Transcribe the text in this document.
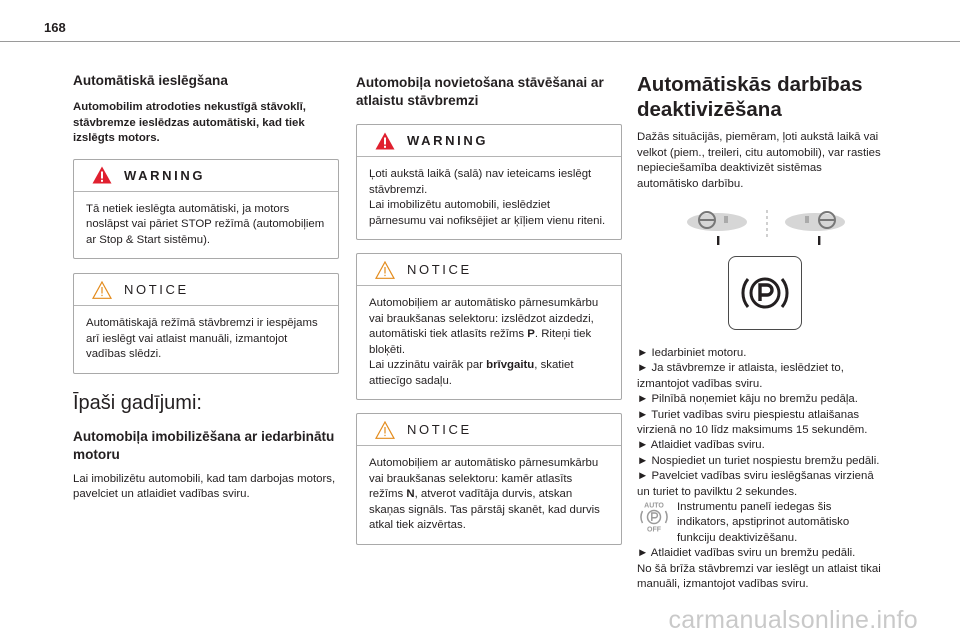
168
Automātiskā ieslēgšana

Automobilim atrodoties nekustīgā stāvoklī, stāvbremze ieslēdzas automātiski, kad tiek izslēgts motors.

WARNING

Tā netiek ieslēgta automātiski, ja motors noslāpst vai pāriet STOP režīmā (automobiļiem ar Stop & Start sistēmu).

NOTICE

Automātiskajā režīmā stāvbremzi ir iespējams arī ieslēgt vai atlaist manuāli, izmantojot vadības slēdzi.

Īpaši gadījumi:
Automobiļa imobilizēšana ar iedarbinātu motoru

Lai imobilizētu automobili, kad tam darbojas motors, pavelciet un atlaidiet vadības sviru.

Automobiļa novietošana stāvēšanai ar atlaistu stāvbremzi
WARNING

Ļoti aukstā laikā (salā) nav ieteicams ieslēgt stāvbremzi.
Lai imobilizētu automobili, ieslēdziet pārnesumu vai nofiksējiet ar ķīļiem vienu riteni.

NOTICE

Automobiļiem ar automātisko pārnesumkārbu vai braukšanas selektoru: izslēdzot aizdedzi, automātiski tiek atlasīts režīms P. Riteņi tiek bloķēti.
Lai uzzinātu vairāk par brīvgaitu, skatiet attiecīgo sadaļu.

NOTICE

Automobiļiem ar automātisko pārnesumkārbu vai braukšanas selektoru: kamēr atlasīts režīms N, atverot vadītāja durvis, atskan skaņas signāls. Tas pārstāj skanēt, kad durvis atkal tiek aizvērtas.

Automātiskās darbības deaktivizēšana

Dažās situācijās, piemēram, ļoti aukstā laikā vai velkot (piem., treileri, citu automobili), var rasties nepieciešamība deaktivizēt sistēmas automātisko darbību.

► Iedarbiniet motoru.

► Ja stāvbremze ir atlaista, ieslēdziet to, izmantojot vadības sviru.

► Pilnībā noņemiet kāju no bremžu pedāļa.

► Turiet vadības sviru piespiestu atlaišanas virzienā no 10 līdz maksimums 15 sekundēm.

► Atlaidiet vadības sviru.

► Nospiediet un turiet nospiestu bremžu pedāli.

► Pavelciet vadības sviru ieslēgšanas virzienā un turiet to pavilktu 2 sekundes.

AUTO
OFF

Instrumentu panelī iedegas šis indikators, apstiprinot automātisko funkciju deaktivizēšanu.

► Atlaidiet vadības sviru un bremžu pedāli.

No šā brīža stāvbremzi var ieslēgt un atlaist tikai manuāli, izmantojot vadības sviru.

carmanualsonline.info
